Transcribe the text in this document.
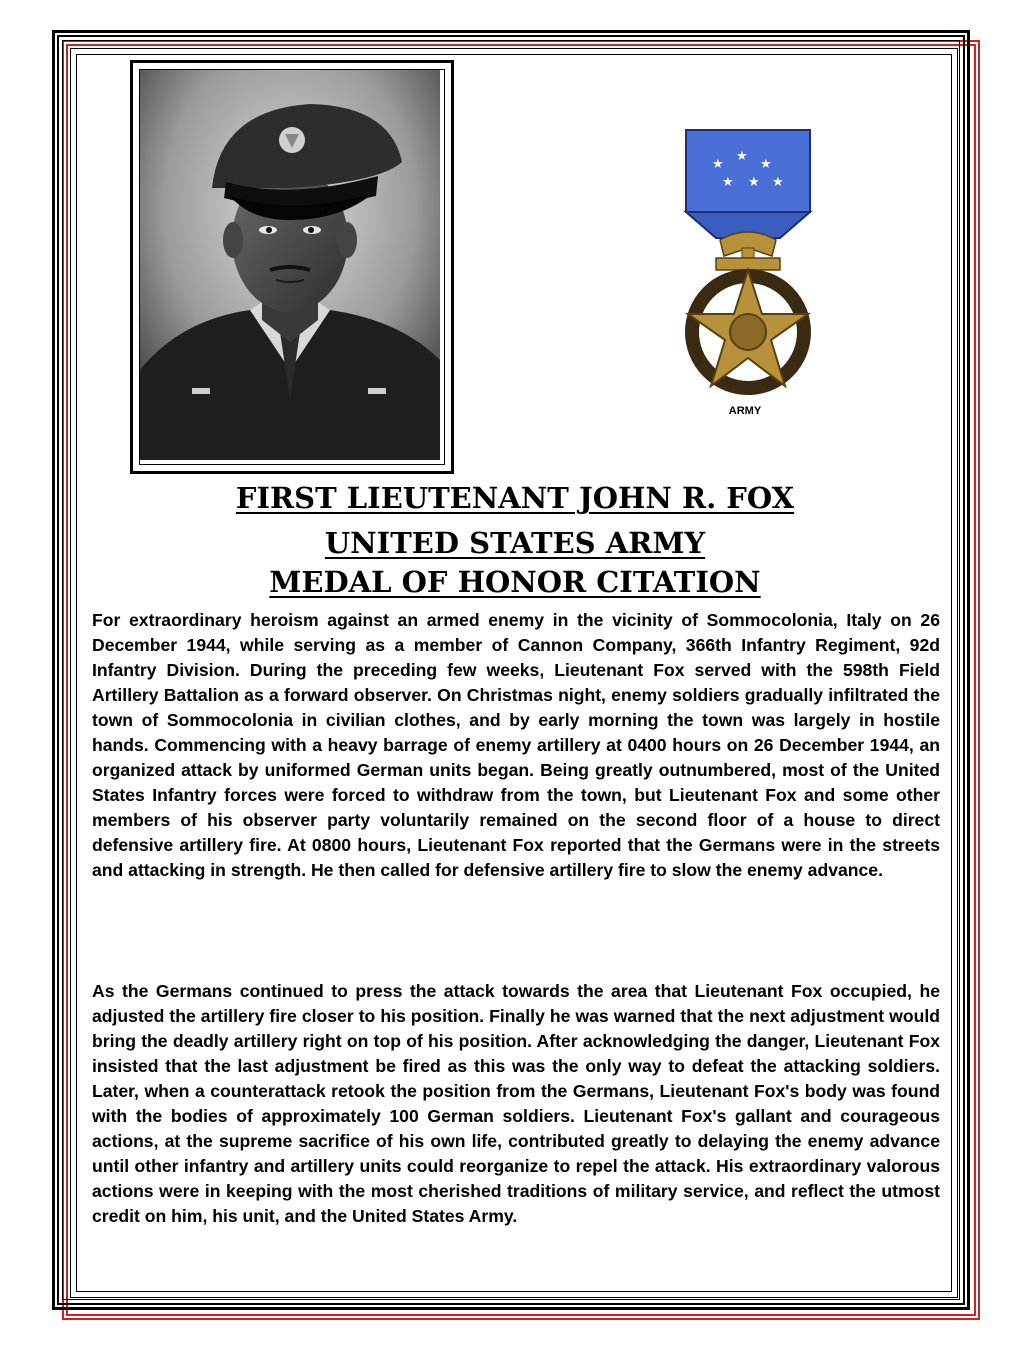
★
★
★
★ ★ ★
ARMY
FIRST LIEUTENANT JOHN R. FOX
UNITED STATES ARMY
MEDAL OF HONOR CITATION

For extraordinary heroism against an armed enemy in the vicinity of Sommocolonia, Italy on 26 December 1944, while serving as a member of Cannon Company, 366th Infantry Regiment, 92d Infantry Division. During the preceding few weeks, Lieutenant Fox served with the 598th Field Artillery Battalion as a forward observer. On Christmas night, enemy soldiers gradually infiltrated the town of Sommocolonia in civilian clothes, and by early morning the town was largely in hostile hands. Commencing with a heavy barrage of enemy artillery at 0400 hours on 26 December 1944, an organized attack by uniformed German units began. Being greatly outnumbered, most of the United States Infantry forces were forced to withdraw from the town, but Lieutenant Fox and some other members of his observer party voluntarily remained on the second floor of a house to direct defensive artillery fire. At 0800 hours, Lieutenant Fox reported that the Germans were in the streets and attacking in strength. He then called for defensive artillery fire to slow the enemy advance.

As the Germans continued to press the attack towards the area that Lieutenant Fox occupied, he adjusted the artillery fire closer to his position. Finally he was warned that the next adjustment would bring the deadly artillery right on top of his position. After acknowledging the danger, Lieutenant Fox insisted that the last adjustment be fired as this was the only way to defeat the attacking soldiers. Later, when a counterattack retook the position from the Germans, Lieutenant Fox's body was found with the bodies of approximately 100 German soldiers. Lieutenant Fox's gallant and courageous actions, at the supreme sacrifice of his own life, contributed greatly to delaying the enemy advance until other infantry and artillery units could reorganize to repel the attack. His extraordinary valorous actions were in keeping with the most cherished traditions of military service, and reflect the utmost credit on him, his unit, and the United States Army.
